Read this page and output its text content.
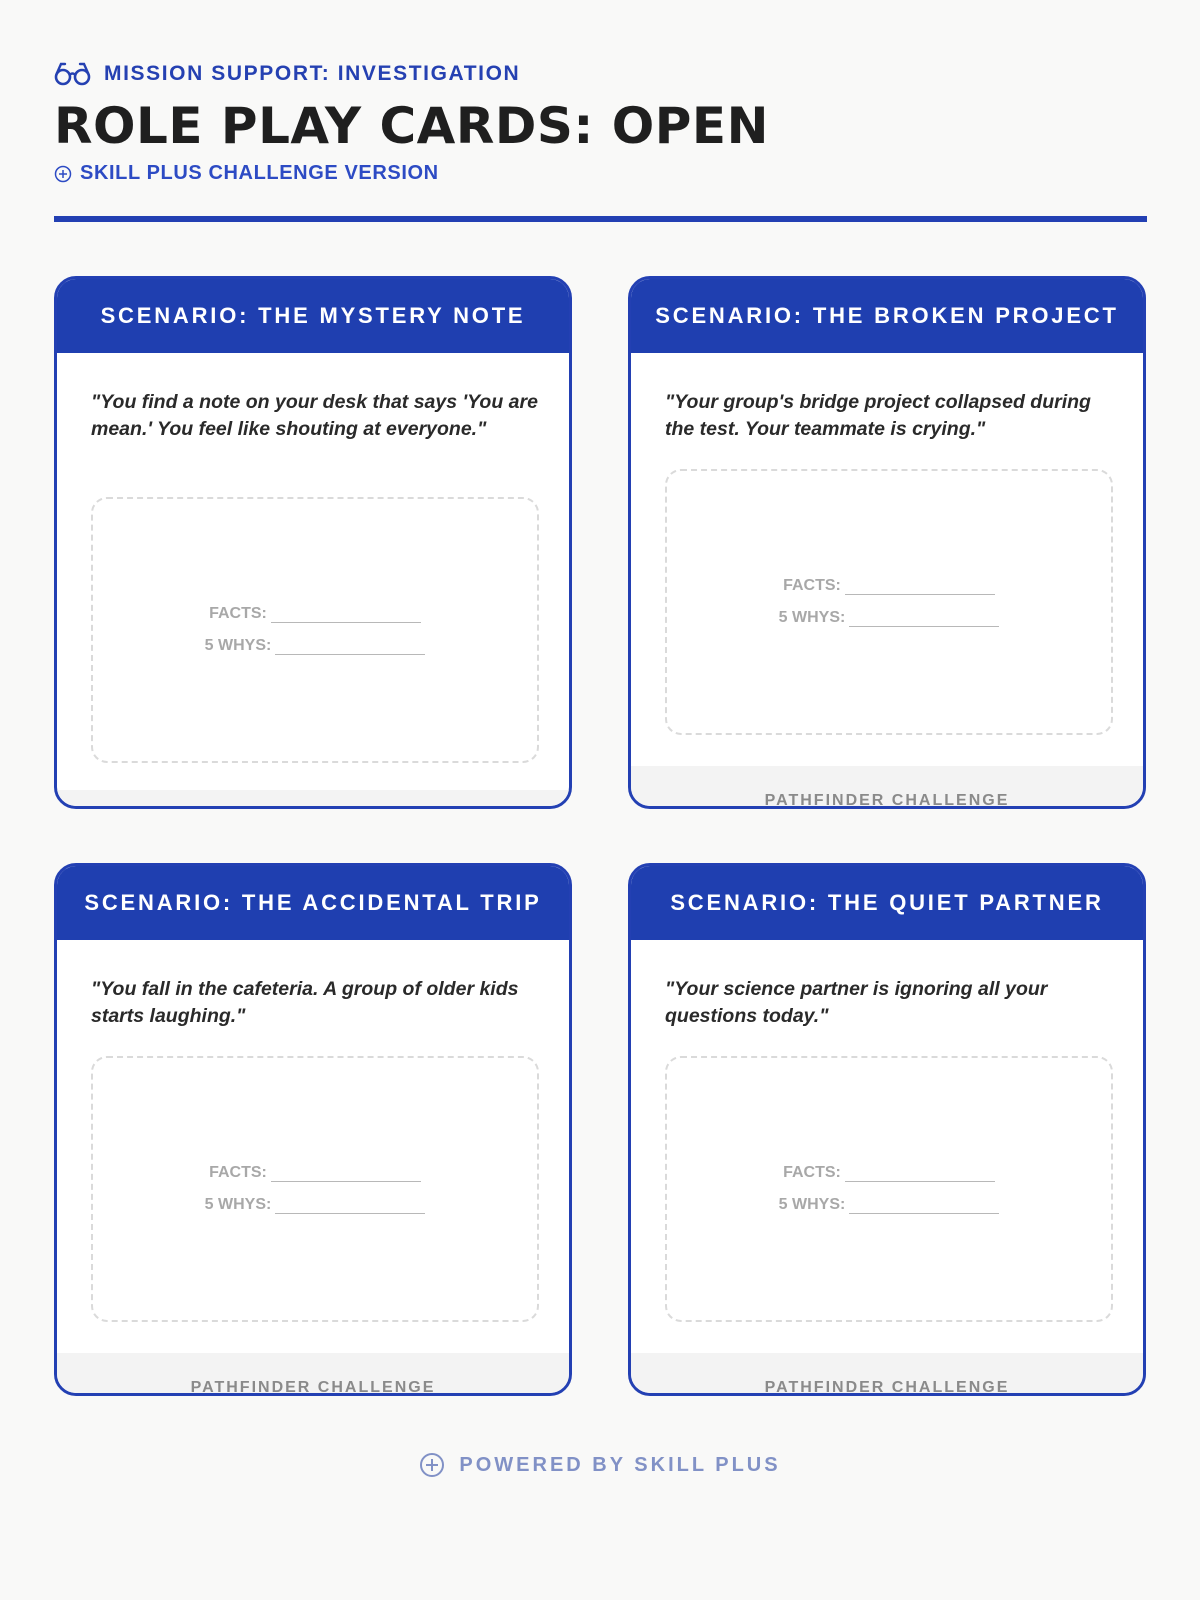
MISSION SUPPORT: INVESTIGATION
ROLE PLAY CARDS: OPEN
SKILL PLUS CHALLENGE VERSION
SCENARIO: THE MYSTERY NOTE
"You find a note on your desk that says 'You are mean.' You feel like shouting at everyone."
FACTS:
5 WHYS:
SCENARIO: THE BROKEN PROJECT
"Your group's bridge project collapsed during the test. Your teammate is crying."
FACTS:
5 WHYS:
PATHFINDER CHALLENGE
SCENARIO: THE ACCIDENTAL TRIP
"You fall in the cafeteria. A group of older kids starts laughing."
FACTS:
5 WHYS:
PATHFINDER CHALLENGE
SCENARIO: THE QUIET PARTNER
"Your science partner is ignoring all your questions today."
FACTS:
5 WHYS:
PATHFINDER CHALLENGE
POWERED BY SKILL PLUS
